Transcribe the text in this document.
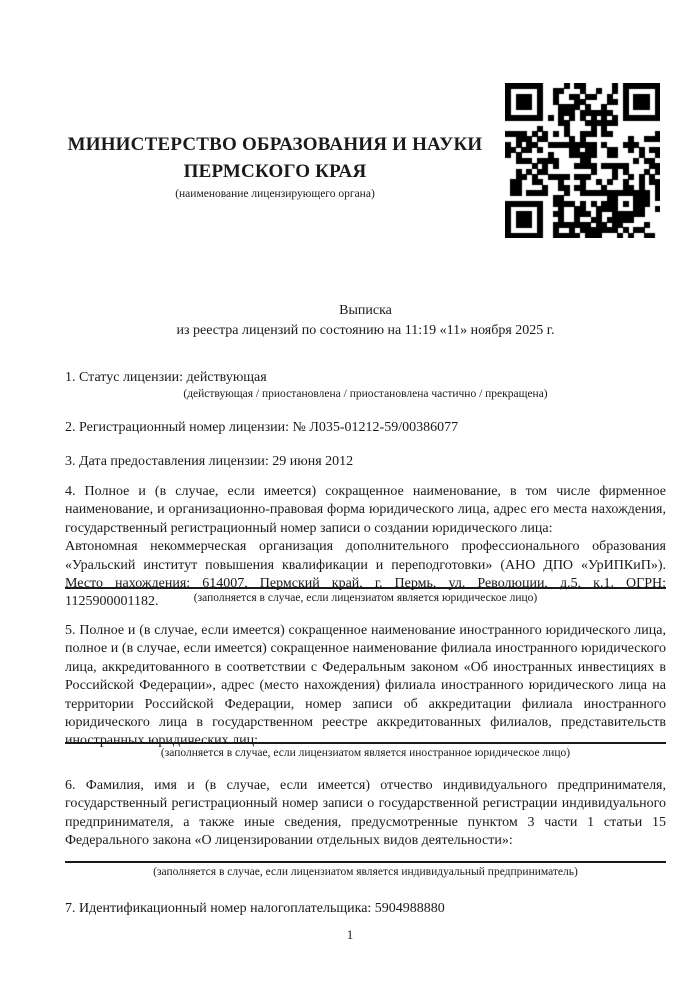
МИНИСТЕРСТВО ОБРАЗОВАНИЯ И НАУКИ
ПЕРМСКОГО КРАЯ
(наименование лицензирующего органа)
Выписка
из реестра лицензий по состоянию на 11:19 «11» ноября 2025 г.
1. Статус лицензии: действующая
(действующая / приостановлена / приостановлена частично / прекращена)
2. Регистрационный номер лицензии: № Л035-01212-59/00386077
3. Дата предоставления лицензии: 29 июня 2012

4. Полное и (в случае, если имеется) сокращенное наименование, в том числе фирменное наименование, и организационно-правовая форма юридического лица, адрес его места нахождения, государственный регистрационный номер записи о создании юридического лица:

Автономная некоммерческая организация дополнительного профессионального образования «Уральский институт повышения квалификации и переподготовки» (АНО ДПО «УрИПКиП»). Место нахождения: 614007, Пермский край, г. Пермь, ул. Революции, д.5, к.1. ОГРН: 1125900001182.	(заполняется в случае, если лицензиатом является юридическое лицо)

5. Полное и (в случае, если имеется) сокращенное наименование иностранного юридического лица, полное и (в случае, если имеется) сокращенное наименование филиала иностранного юридического лица, аккредитованного в соответствии с Федеральным законом «Об иностранных инвестициях в Российской Федерации», адрес (место нахождения) филиала иностранного юридического лица на территории Российской Федерации, номер записи об аккредитации филиала иностранного юридического лица в государственном реестре аккредитованных филиалов, представительств иностранных юридических лиц:

(заполняется в случае, если лицензиатом является иностранное юридическое лицо)

6. Фамилия, имя и (в случае, если имеется) отчество индивидуального предпринимателя, государственный регистрационный номер записи о государственной регистрации индивидуального предпринимателя, а также иные сведения, предусмотренные пунктом 3 части 1 статьи 15 Федерального закона «О лицензировании отдельных видов деятельности»:

(заполняется в случае, если лицензиатом является индивидуальный предприниматель)
7. Идентификационный номер налогоплательщика: 5904988880
1
